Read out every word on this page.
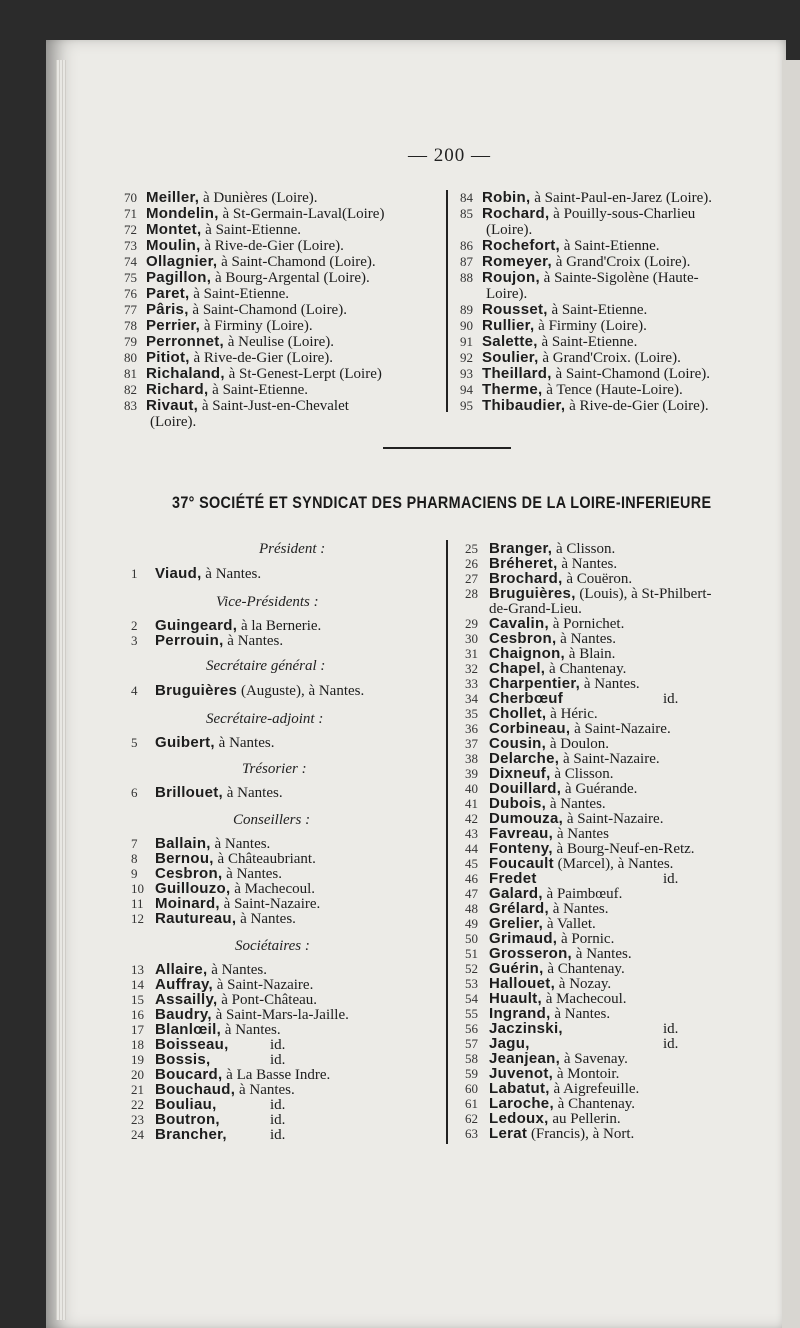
— 200 —
70 Meiller, à Dunières (Loire).
71 Mondelin, à St-Germain-Laval(Loire)
72 Montet, à Saint-Etienne.
73 Moulin, à Rive-de-Gier (Loire).
74 Ollagnier, à Saint-Chamond (Loire).
75 Pagillon, à Bourg-Argental (Loire).
76 Paret, à Saint-Etienne.
77 Pâris, à Saint-Chamond (Loire).
78 Perrier, à Firminy (Loire).
79 Perronnet, à Neulise (Loire).
80 Pitiot, à Rive-de-Gier (Loire).
81 Richaland, à St-Genest-Lerpt (Loire)
82 Richard, à Saint-Etienne.
83 Rivaut, à Saint-Just-en-Chevalet
(Loire).
84 Robin, à Saint-Paul-en-Jarez (Loire).
85 Rochard, à Pouilly-sous-Charlieu
(Loire).
86 Rochefort, à Saint-Etienne.
87 Romeyer, à Grand'Croix (Loire).
88 Roujon, à Sainte-Sigolène (Haute-
Loire).
89 Rousset, à Saint-Etienne.
90 Rullier, à Firminy (Loire).
91 Salette, à Saint-Etienne.
92 Soulier, à Grand'Croix. (Loire).
93 Theillard, à Saint-Chamond (Loire).
94 Therme, à Tence (Haute-Loire).
95 Thibaudier, à Rive-de-Gier (Loire).
37° SOCIÉTÉ ET SYNDICAT DES PHARMACIENS DE LA LOIRE-INFERIEURE
1 Viaud, à Nantes.
2 Guingeard, à la Bernerie.
3 Perrouin, à Nantes.
4 Bruguières (Auguste), à Nantes.
5 Guibert, à Nantes.
6 Brillouet, à Nantes.
7 Ballain, à Nantes.
8 Bernou, à Châteaubriant.
9 Cesbron, à Nantes.
10 Guillouzo, à Machecoul.
11 Moinard, à Saint-Nazaire.
12 Rautureau, à Nantes.
13 Allaire, à Nantes.
14 Auffray, à Saint-Nazaire.
15 Assailly, à Pont-Château.
16 Baudry, à Saint-Mars-la-Jaille.
17 Blanlœil, à Nantes.
18 Boisseau,	id.
19 Bossis,	id.
20 Boucard, à La Basse Indre.
21 Bouchaud, à Nantes.
22 Bouliau,	id.
23 Boutron,	id.
24 Brancher,	id.
25 Branger, à Clisson.
26 Bréheret, à Nantes.
27 Brochard, à Couëron.
28 Bruguières, (Louis), à St-Philbert-
de-Grand-Lieu.
29 Cavalin, à Pornichet.
30 Cesbron, à Nantes.
31 Chaignon, à Blain.
32 Chapel, à Chantenay.
33 Charpentier, à Nantes.
34 Cherbœuf	id.
35 Chollet, à Héric.
36 Corbineau, à Saint-Nazaire.
37 Cousin, à Doulon.
38 Delarche, à Saint-Nazaire.
39 Dixneuf, à Clisson.
40 Douillard, à Guérande.
41 Dubois, à Nantes.
42 Dumouza, à Saint-Nazaire.
43 Favreau, à Nantes
44 Fonteny, à Bourg-Neuf-en-Retz.
45 Foucault (Marcel), à Nantes.
46 Fredet	id.
47 Galard, à Paimbœuf.
48 Grélard, à Nantes.
49 Grelier, à Vallet.
50 Grimaud, à Pornic.
51 Grosseron, à Nantes.
52 Guérin, à Chantenay.
53 Hallouet, à Nozay.
54 Huault, à Machecoul.
55 Ingrand, à Nantes.
56 Jaczinski,	id.
57 Jagu,	id.
58 Jeanjean, à Savenay.
59 Juvenot, à Montoir.
60 Labatut, à Aigrefeuille.
61 Laroche, à Chantenay.
62 Ledoux, au Pellerin.
63 Lerat (Francis), à Nort.
Président :
Vice-Présidents :
Secrétaire général :
Secrétaire-adjoint :
Trésorier :
Conseillers :
Sociétaires :
